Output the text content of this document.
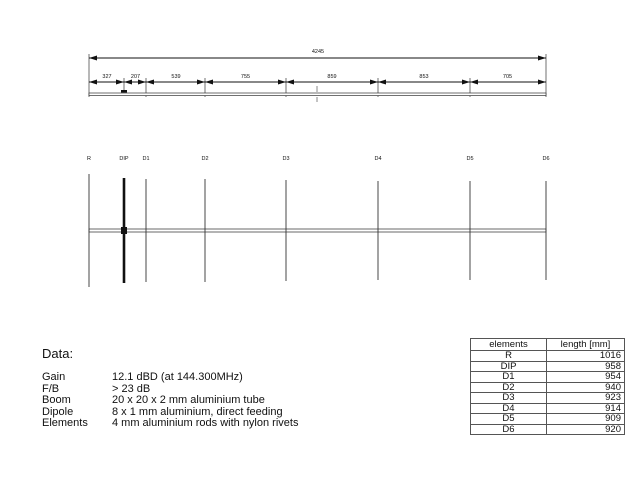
4245
327	207	539	755	859	853	705
R	DIP	D1	D2	D3	D4	D5	D6
Data:
Gain	12.1 dBD (at 144.300MHz)
F/B	> 23 dB
Boom	20 x 20 x 2 mm aluminium tube
Dipole	8 x 1 mm aluminium, direct feeding
Elements	4 mm aluminium rods with nylon rivets
elements	length [mm]
R	1016
DIP	958
D1	954
D2	940
D3	923
D4	914
D5	909
D6	920
